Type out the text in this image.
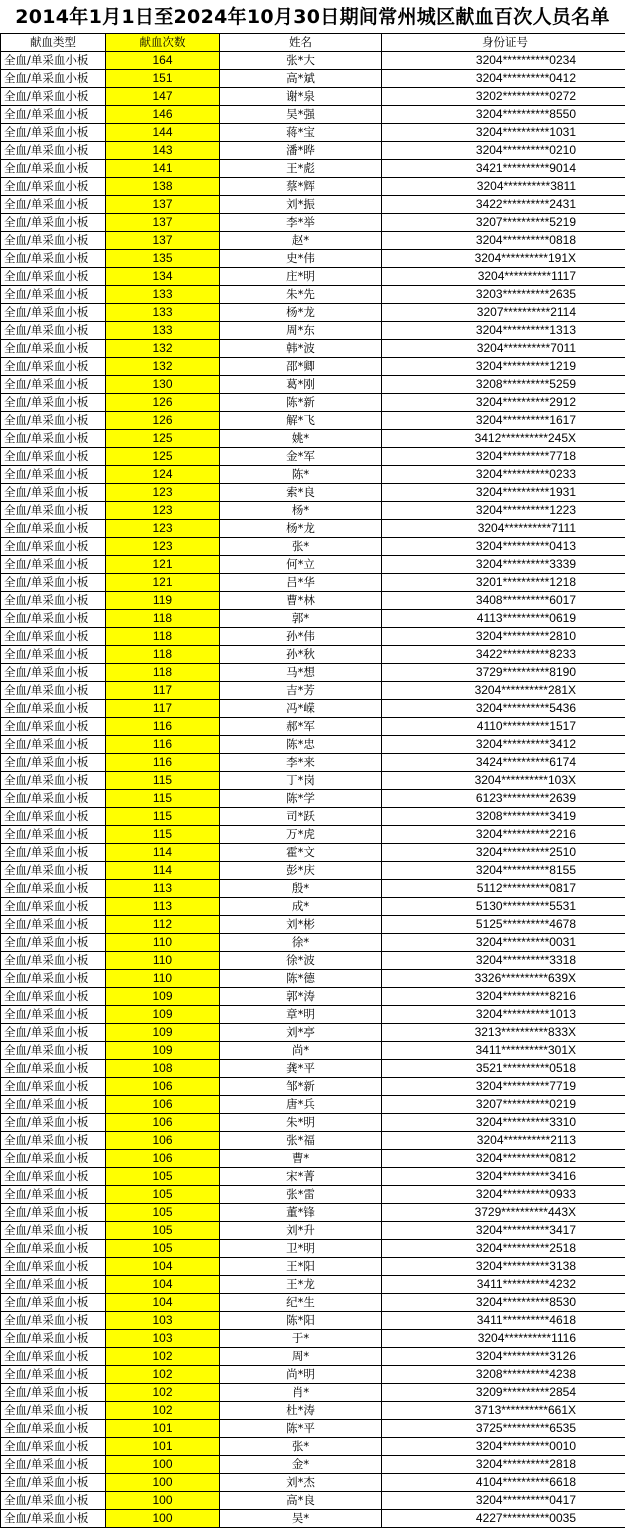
2014年1月1日至2024年10月30日期间常州城区献血百次人员名单
献血类型	献血次数	姓名	身份证号
全血/单采血小板	164	张*大	3204**********0234
全血/单采血小板	151	高*斌	3204**********0412
全血/单采血小板	147	谢*泉	3202**********0272
全血/单采血小板	146	吴*强	3204**********8550
全血/单采血小板	144	蒋*宝	3204**********1031
全血/单采血小板	143	潘*晔	3204**********0210
全血/单采血小板	141	王*彪	3421**********9014
全血/单采血小板	138	蔡*辉	3204**********3811
全血/单采血小板	137	刘*振	3422**********2431
全血/单采血小板	137	李*举	3207**********5219
全血/单采血小板	137	赵*	3204**********0818
全血/单采血小板	135	史*伟	3204**********191X
全血/单采血小板	134	庄*明	3204**********1117
全血/单采血小板	133	朱*先	3203**********2635
全血/单采血小板	133	杨*龙	3207**********2114
全血/单采血小板	133	周*东	3204**********1313
全血/单采血小板	132	韩*波	3204**********7011
全血/单采血小板	132	邵*卿	3204**********1219
全血/单采血小板	130	葛*刚	3208**********5259
全血/单采血小板	126	陈*新	3204**********2912
全血/单采血小板	126	解*飞	3204**********1617
全血/单采血小板	125	姚*	3412**********245X
全血/单采血小板	125	金*军	3204**********7718
全血/单采血小板	124	陈*	3204**********0233
全血/单采血小板	123	索*良	3204**********1931
全血/单采血小板	123	杨*	3204**********1223
全血/单采血小板	123	杨*龙	3204**********7111
全血/单采血小板	123	张*	3204**********0413
全血/单采血小板	121	何*立	3204**********3339
全血/单采血小板	121	吕*华	3201**********1218
全血/单采血小板	119	曹*林	3408**********6017
全血/单采血小板	118	郭*	4113**********0619
全血/单采血小板	118	孙*伟	3204**********2810
全血/单采血小板	118	孙*秋	3422**********8233
全血/单采血小板	118	马*想	3729**********8190
全血/单采血小板	117	吉*芳	3204**********281X
全血/单采血小板	117	冯*嵘	3204**********5436
全血/单采血小板	116	郝*军	4110**********1517
全血/单采血小板	116	陈*忠	3204**********3412
全血/单采血小板	116	李*来	3424**********6174
全血/单采血小板	115	丁*岗	3204**********103X
全血/单采血小板	115	陈*学	6123**********2639
全血/单采血小板	115	司*跃	3208**********3419
全血/单采血小板	115	万*虎	3204**********2216
全血/单采血小板	114	霍*文	3204**********2510
全血/单采血小板	114	彭*庆	3204**********8155
全血/单采血小板	113	殷*	5112**********0817
全血/单采血小板	113	成*	5130**********5531
全血/单采血小板	112	刘*彬	5125**********4678
全血/单采血小板	110	徐*	3204**********0031
全血/单采血小板	110	徐*波	3204**********3318
全血/单采血小板	110	陈*德	3326**********639X
全血/单采血小板	109	郭*涛	3204**********8216
全血/单采血小板	109	章*明	3204**********1013
全血/单采血小板	109	刘*亭	3213**********833X
全血/单采血小板	109	尚*	3411**********301X
全血/单采血小板	108	龚*平	3521**********0518
全血/单采血小板	106	邹*新	3204**********7719
全血/单采血小板	106	唐*兵	3207**********0219
全血/单采血小板	106	朱*明	3204**********3310
全血/单采血小板	106	张*福	3204**********2113
全血/单采血小板	106	曹*	3204**********0812
全血/单采血小板	105	宋*菁	3204**********3416
全血/单采血小板	105	张*雷	3204**********0933
全血/单采血小板	105	董*锋	3729**********443X
全血/单采血小板	105	刘*升	3204**********3417
全血/单采血小板	105	卫*明	3204**********2518
全血/单采血小板	104	王*阳	3204**********3138
全血/单采血小板	104	王*龙	3411**********4232
全血/单采血小板	104	纪*生	3204**********8530
全血/单采血小板	103	陈*阳	3411**********4618
全血/单采血小板	103	于*	3204**********1116
全血/单采血小板	102	周*	3204**********3126
全血/单采血小板	102	尚*明	3208**********4238
全血/单采血小板	102	肖*	3209**********2854
全血/单采血小板	102	杜*涛	3713**********661X
全血/单采血小板	101	陈*平	3725**********6535
全血/单采血小板	101	张*	3204**********0010
全血/单采血小板	100	金*	3204**********2818
全血/单采血小板	100	刘*杰	4104**********6618
全血/单采血小板	100	高*良	3204**********0417
全血/单采血小板	100	吴*	4227**********0035
